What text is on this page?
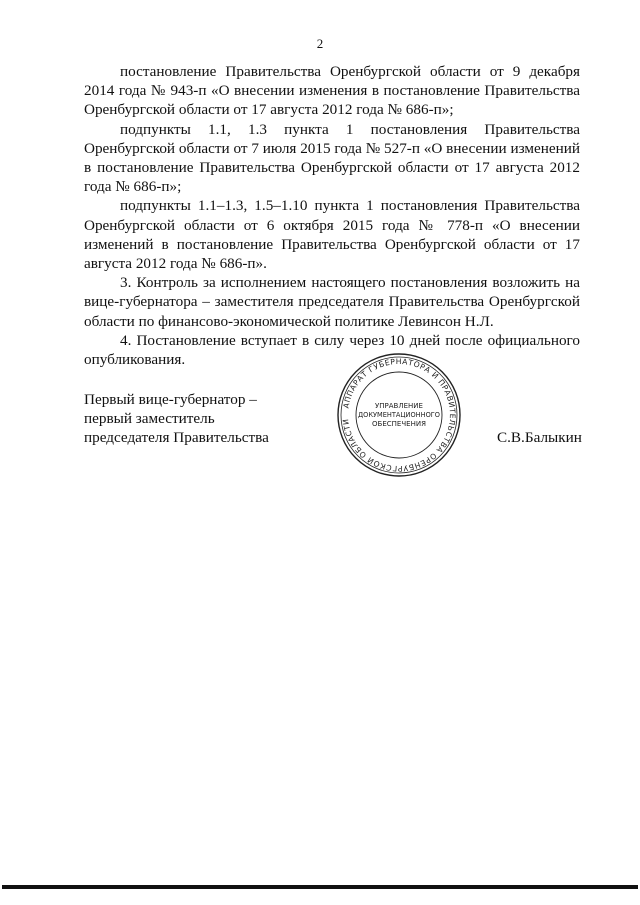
2

постановление Правительства Оренбургской области от 9 декабря 2014 года № 943-п «О внесении изменения в постановление Правительства Оренбургской области от 17 августа 2012 года № 686-п»;

подпункты 1.1, 1.3 пункта 1 постановления Правительства Оренбургской области от 7 июля 2015 года № 527-п «О внесении изменений в постановление Правительства Оренбургской области от 17 августа 2012 года № 686-п»;

подпункты 1.1–1.3, 1.5–1.10 пункта 1 постановления Правительства Оренбургской области от 6 октября 2015 года № 778-п «О внесении изменений в постановление Правительства Оренбургской области от 17 августа 2012 года № 686-п».

3. Контроль за исполнением настоящего постановления возложить на вице-губернатора – заместителя председателя Правительства Оренбургской области по финансово-экономической политике Левинсон Н.Л.

4. Постановление вступает в силу через 10 дней после официального опубликования.

Первый вице-губернатор –
первый заместитель
председателя Правительства	С.В.Балыкин
АППАРАТ ГУБЕРНАТОРА И ПРАВИТЕЛЬСТВА ОРЕНБУРГСКОЙ ОБЛАСТИ
УПРАВЛЕНИЕ
ДОКУМЕНТАЦИОННОГО
ОБЕСПЕЧЕНИЯ
